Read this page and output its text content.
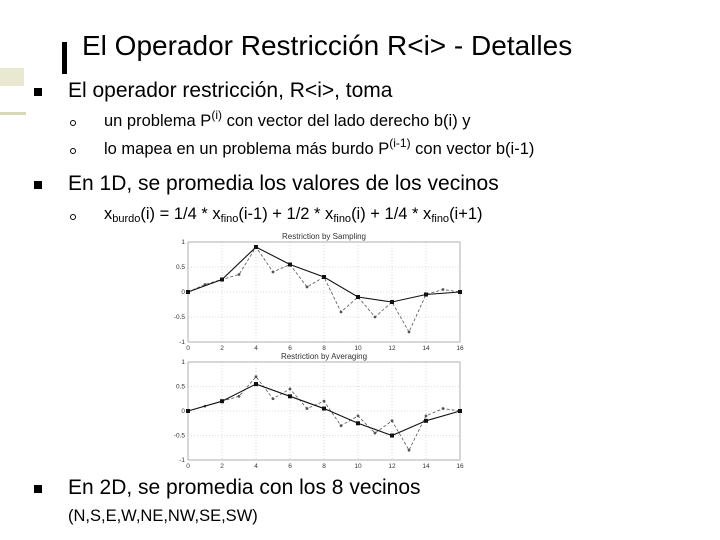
El Operador Restricción R<i> - Detalles
El operador restricción, R<i>, toma
un problema $P^{(i)}$ con vector del lado derecho b(i) y
lo mapea en un problema más burdo $P^{(i-1)}$ con vector b(i-1)
En 1D, se promedia los valores de los vecinos
$x_{burdo}(i) = 1/4 * x_{fino}(i-1) + 1/2 * x_{fino}(i) + 1/4 * x_{fino}(i+1)$
Restriction by Sampling
0	2	4	6	8	10	12	14	16
-1
-0.5
0
0.5
1
Restriction by Averaging
0	2	4	6	8	10	12	14	16
-1
-0.5
0
0.5
1
En 2D, se promedia con los 8 vecinos
(N,S,E,W,NE,NW,SE,SW)
